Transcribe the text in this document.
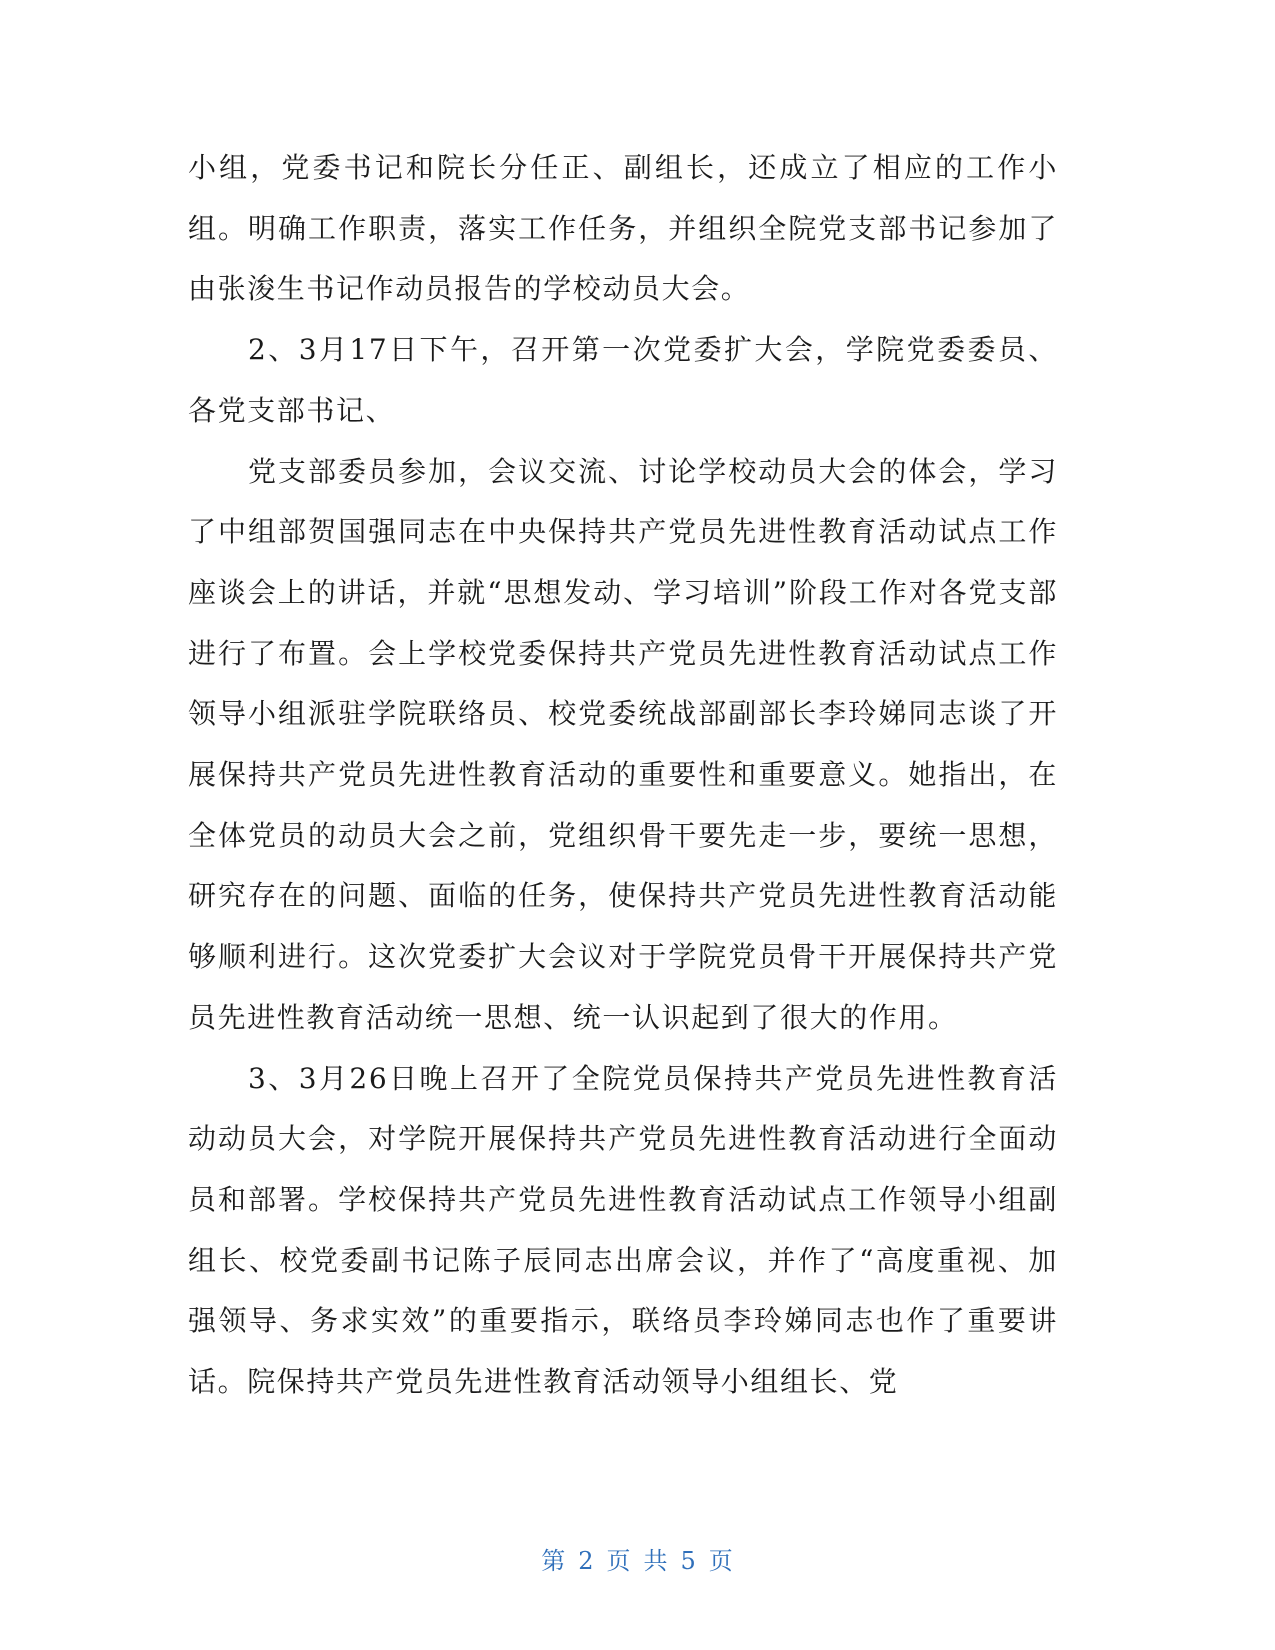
小组，党委书记和院长分任正、副组长，还成立了相应的工作小组。明确工作职责，落实工作任务，并组织全院党支部书记参加了由张浚生书记作动员报告的学校动员大会。

2、3月17日下午，召开第一次党委扩大会，学院党委委员、各党支部书记、

党支部委员参加，会议交流、讨论学校动员大会的体会，学习了中组部贺国强同志在中央保持共产党员先进性教育活动试点工作座谈会上的讲话，并就“思想发动、学习培训”阶段工作对各党支部进行了布置。会上学校党委保持共产党员先进性教育活动试点工作领导小组派驻学院联络员、校党委统战部副部长李玲娣同志谈了开展保持共产党员先进性教育活动的重要性和重要意义。她指出，在全体党员的动员大会之前，党组织骨干要先走一步，要统一思想，研究存在的问题、面临的任务，使保持共产党员先进性教育活动能够顺利进行。这次党委扩大会议对于学院党员骨干开展保持共产党员先进性教育活动统一思想、统一认识起到了很大的作用。

3、3月26日晚上召开了全院党员保持共产党员先进性教育活动动员大会，对学院开展保持共产党员先进性教育活动进行全面动员和部署。学校保持共产党员先进性教育活动试点工作领导小组副组长、校党委副书记陈子辰同志出席会议，并作了“高度重视、加强领导、务求实效”的重要指示，联络员李玲娣同志也作了重要讲话。院保持共产党员先进性教育活动领导小组组长、党

第 2 页 共 5 页
